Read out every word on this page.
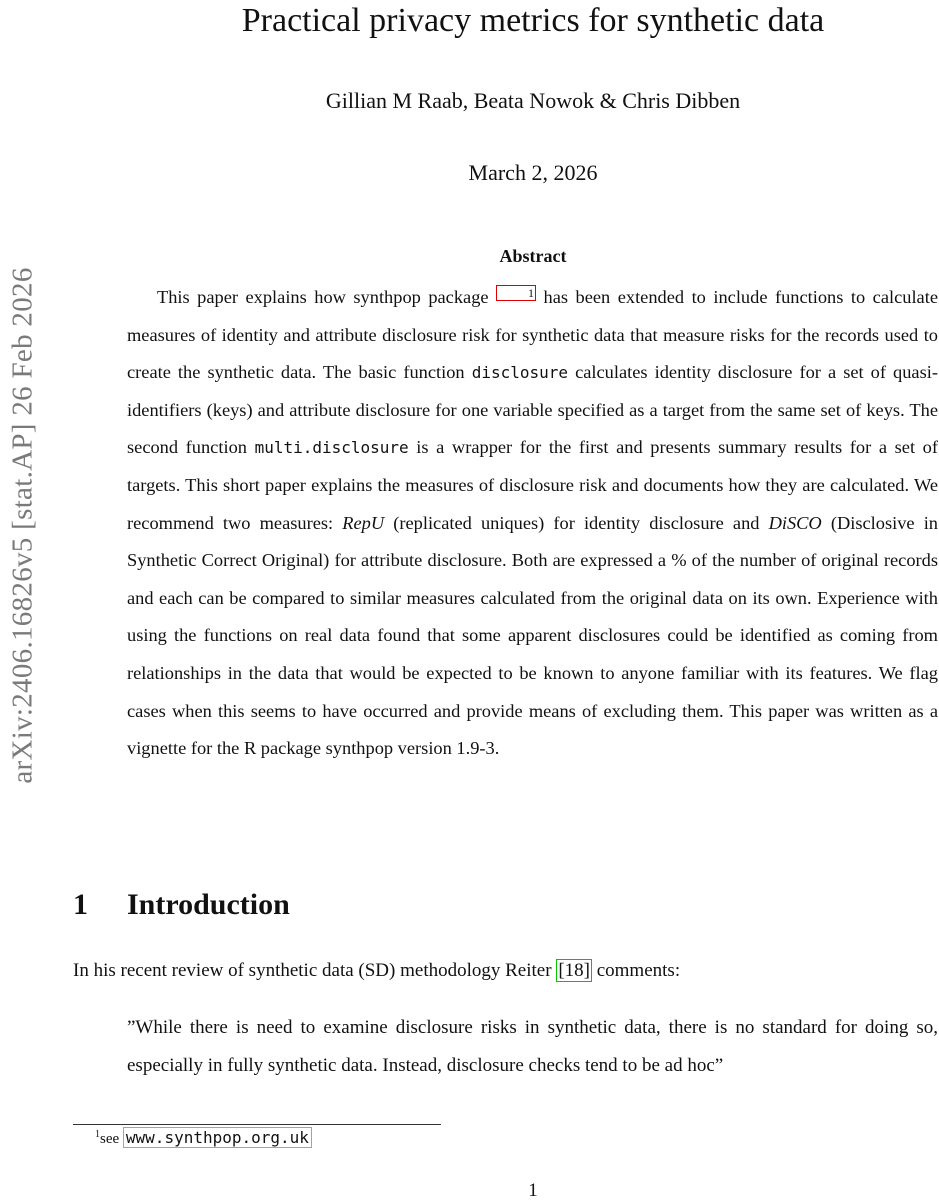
arXiv:2406.16826v5 [stat.AP] 26 Feb 2026
Practical privacy metrics for synthetic data
Gillian M Raab, Beata Nowok & Chris Dibben
March 2, 2026
Abstract
This paper explains how synthpop package	1 has been extended to include functions to calculate measures of identity and attribute disclosure risk for synthetic data that measure risks for the records used to create the synthetic data. The basic function disclosure calculates identity disclosure for a set of quasi-identifiers (keys) and attribute disclosure for one variable specified as a target from the same set of keys. The second function multi.disclosure is a wrapper for the first and presents summary results for a set of targets. This short paper explains the measures of disclosure risk and documents how they are calculated. We recommend two measures: RepU (replicated uniques) for identity disclosure and DiSCO (Disclosive in Synthetic Correct Original) for attribute disclosure. Both are expressed a % of the number of original records and each can be compared to similar measures calculated from the original data on its own. Experience with using the functions on real data found that some apparent disclosures could be identified as coming from relationships in the data that would be expected to be known to anyone familiar with its features. We flag cases when this seems to have occurred and provide means of excluding them. This paper was written as a vignette for the R package synthpop version 1.9-3.
1 Introduction
In his recent review of synthetic data (SD) methodology Reiter [18] comments:
”While there is need to examine disclosure risks in synthetic data, there is no standard for doing so, especially in fully synthetic data. Instead, disclosure checks tend to be ad hoc”
$^1$see www.synthpop.org.uk
1
